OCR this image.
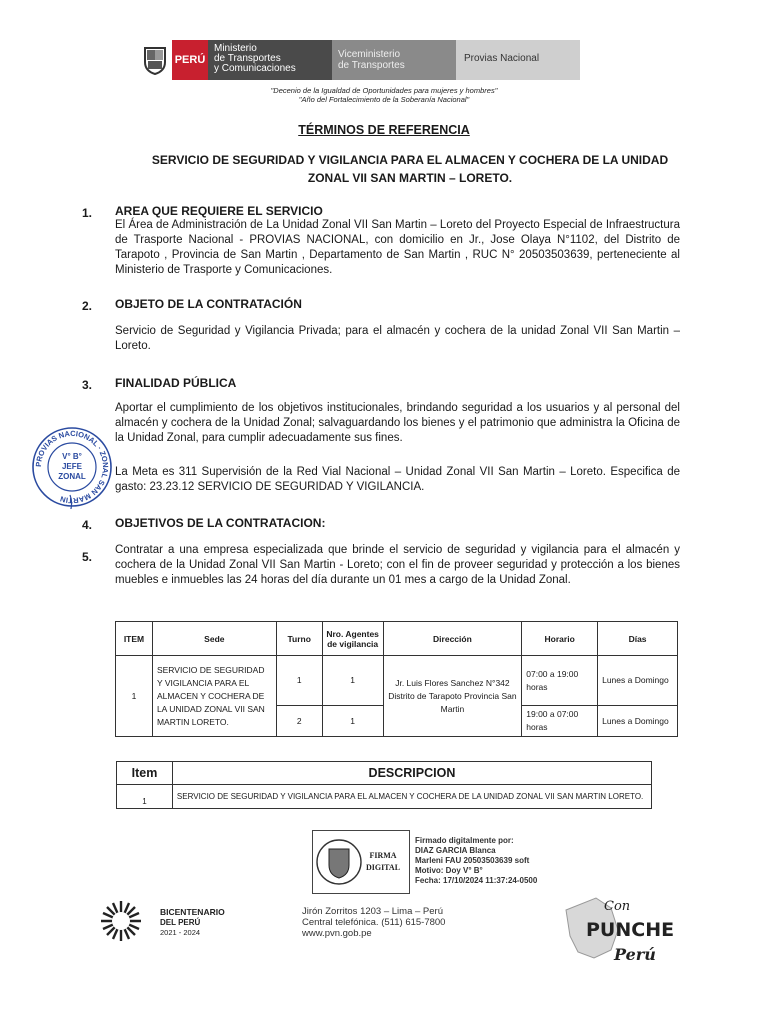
PERÚ
Ministerio
de Transportes
y Comunicaciones
Viceministerio
de Transportes
Provias Nacional
"Decenio de la Igualdad de Oportunidades para mujeres y hombres"
"Año del Fortalecimiento de la Soberanía Nacional"
TÉRMINOS DE REFERENCIA
SERVICIO DE SEGURIDAD Y VIGILANCIA PARA EL ALMACEN Y COCHERA DE LA UNIDAD
ZONAL VII SAN MARTIN – LORETO.
1. AREA QUE REQUIERE EL SERVICIO
El Área de Administración de La Unidad Zonal VII San Martin – Loreto del Proyecto Especial de Infraestructura de Trasporte Nacional - PROVIAS NACIONAL, con domicilio en Jr., Jose Olaya N°1102, del Distrito de Tarapoto , Provincia de San Martin , Departamento de San Martin , RUC N° 20503503639, perteneciente al Ministerio de Trasporte y Comunicaciones.
2. OBJETO DE LA CONTRATACIÓN
Servicio de Seguridad y Vigilancia Privada; para el almacén y cochera de la unidad Zonal VII San Martin – Loreto.
3. FINALIDAD PÚBLICA
Aportar el cumplimiento de los objetivos institucionales, brindando seguridad a los usuarios y al personal del almacén y cochera de la Unidad Zonal; salvaguardando los bienes y el patrimonio que administra la Oficina de la Unidad Zonal, para cumplir adecuadamente sus fines.
La Meta es 311 Supervisión de la Red Vial Nacional – Unidad Zonal VII San Martin – Loreto. Especifica de gasto: 23.23.12 SERVICIO DE SEGURIDAD Y VIGILANCIA.
4. OBJETIVOS DE LA CONTRATACION:
5. Contratar a una empresa especializada que brinde el servicio de seguridad y vigilancia para el almacén y cochera de la Unidad Zonal VII San Martin - Loreto; con el fin de proveer seguridad y protección a los bienes muebles e inmuebles las 24 horas del día durante un 01 mes a cargo de la Unidad Zonal.
PROVIAS NACIONAL · ZONAL SAN MARTIN
V° B°
JEFE
ZONAL
ITEM	Sede	Turno	Nro. Agentes de vigilancia	Dirección	Horario	Días
1	SERVICIO DE SEGURIDAD Y VIGILANCIA PARA EL ALMACEN Y COCHERA DE LA UNIDAD ZONAL VII SAN MARTIN LORETO.	1	1	Jr. Luis Flores Sanchez N°342 Distrito de Tarapoto Provincia San Martin	07:00 a 19:00 horas	Lunes a Domingo
		2	1		19:00 a 07:00 horas	Lunes a Domingo
Item	DESCRIPCION
1	SERVICIO DE SEGURIDAD Y VIGILANCIA PARA EL ALMACEN Y COCHERA DE LA UNIDAD ZONAL VII SAN MARTIN LORETO.
FIRMA
DIGITAL
Firmado digitalmente por:
DIAZ GARCIA Blanca
Marleni FAU 20503503639 soft
Motivo: Doy V° B°
Fecha: 17/10/2024 11:37:24-0500
BICENTENARIO
DEL PERÚ
2021 - 2024
Jirón Zorritos 1203 – Lima – Perú
Central telefónica. (511) 615-7800
www.pvn.gob.pe
Con
PUNCHE
Perú
